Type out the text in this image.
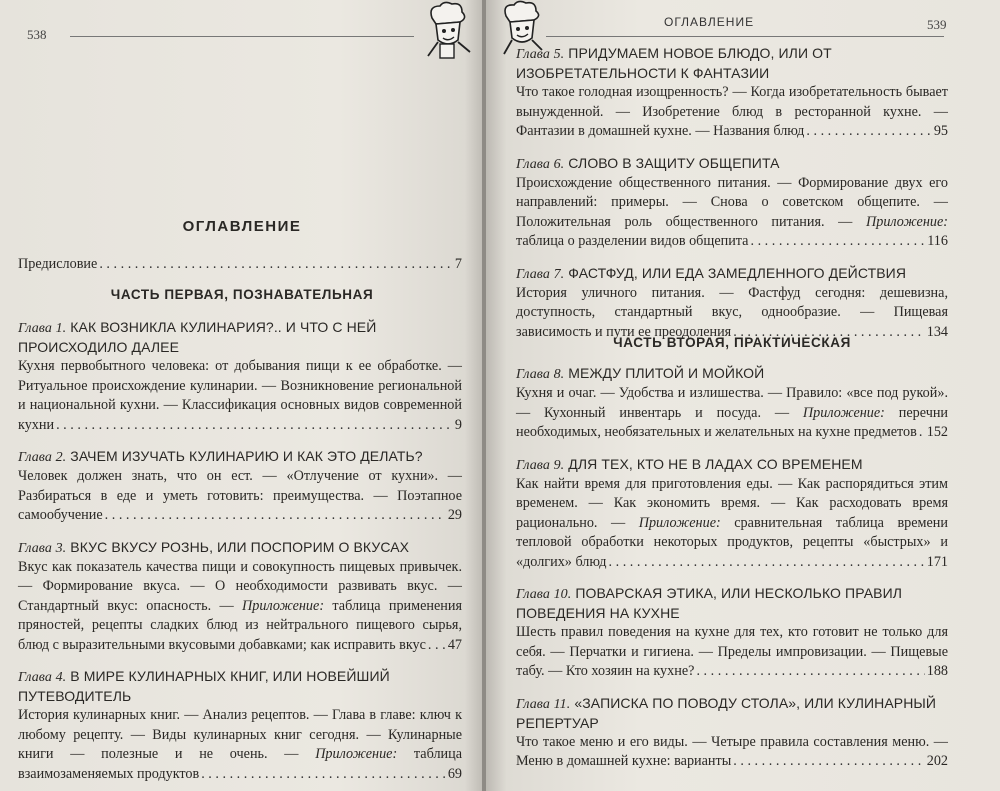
538
ОГЛАВЛЕНИЕ
Предисловие . . .	7
ЧАСТЬ ПЕРВАЯ, ПОЗНАВАТЕЛЬНАЯ
Глава 1. КАК ВОЗНИКЛА КУЛИНАРИЯ?.. И ЧТО С НЕЙ ПРОИСХОДИЛО ДАЛЕЕ
Кухня первобытного человека: от добывания пищи к ее обработке. — Ритуальное происхождение кулинарии. — Возникновение региональной и национальной кухни. — Классификация основных видов современной кухни . . .	9
Глава 2. ЗАЧЕМ ИЗУЧАТЬ КУЛИНАРИЮ И КАК ЭТО ДЕЛАТЬ?
Человек должен знать, что он ест. — «Отлучение от кухни». — Разбираться в еде и уметь готовить: преимущества. — Поэтапное самообучение . . .	29
Глава 3. ВКУС ВКУСУ РОЗНЬ, ИЛИ ПОСПОРИМ О ВКУСАХ
Вкус как показатель качества пищи и совокупность пищевых привычек. — Формирование вкуса. — О необходимости развивать вкус. — Стандартный вкус: опасность. — Приложение: таблица применения пряностей, рецепты сладких блюд из нейтрального пищевого сырья, блюд с выразительными вкусовыми добавками; как исправить вкус . . .	47
Глава 4. В МИРЕ КУЛИНАРНЫХ КНИГ, ИЛИ НОВЕЙШИЙ ПУТЕВОДИТЕЛЬ
История кулинарных книг. — Анализ рецептов. — Глава в главе: ключ к любому рецепту. — Виды кулинарных книг сегодня. — Кулинарные книги — полезные и не очень. — Приложение: таблица взаимозаменяемых продуктов . . .	69

ОГЛАВЛЕНИЕ	539
Глава 5. ПРИДУМАЕМ НОВОЕ БЛЮДО, ИЛИ ОТ ИЗОБРЕТАТЕЛЬНОСТИ К ФАНТАЗИИ
Что такое голодная изощренность? — Когда изобретательность бывает вынужденной. — Изобретение блюд в ресторанной кухне. — Фантазии в домашней кухне. — Названия блюд . . .	95
Глава 6. СЛОВО В ЗАЩИТУ ОБЩЕПИТА
Происхождение общественного питания. — Формирование двух его направлений: примеры. — Снова о советском общепите. — Положительная роль общественного питания. — Приложение: таблица о разделении видов общепита . . .	116
Глава 7. ФАСТФУД, ИЛИ ЕДА ЗАМЕДЛЕННОГО ДЕЙСТВИЯ
История уличного питания. — Фастфуд сегодня: дешевизна, доступность, стандартный вкус, однообразие. — Пищевая зависимость и пути ее преодоления . . .	134
ЧАСТЬ ВТОРАЯ, ПРАКТИЧЕСКАЯ
Глава 8. МЕЖДУ ПЛИТОЙ И МОЙКОЙ
Кухня и очаг. — Удобства и излишества. — Правило: «все под рукой». — Кухонный инвентарь и посуда. — Приложение: перечни необходимых, необязательных и желательных на кухне предметов . . . 152
Глава 9. ДЛЯ ТЕХ, КТО НЕ В ЛАДАХ СО ВРЕМЕНЕМ
Как найти время для приготовления еды. — Как распорядиться этим временем. — Как экономить время. — Как расходовать время рационально. — Приложение: сравнительная таблица времени тепловой обработки некоторых продуктов, рецепты «быстрых» и «долгих» блюд . . .	171
Глава 10. ПОВАРСКАЯ ЭТИКА, ИЛИ НЕСКОЛЬКО ПРАВИЛ ПОВЕДЕНИЯ НА КУХНЕ
Шесть правил поведения на кухне для тех, кто готовит не только для себя. — Перчатки и гигиена. — Пределы импровизации. — Пищевые табу. — Кто хозяин на кухне? . . .	188
Глава 11. «ЗАПИСКА ПО ПОВОДУ СТОЛА», ИЛИ КУЛИНАРНЫЙ РЕПЕРТУАР
Что такое меню и его виды. — Четыре правила составления меню. — Меню в домашней кухне: варианты . . .	202
